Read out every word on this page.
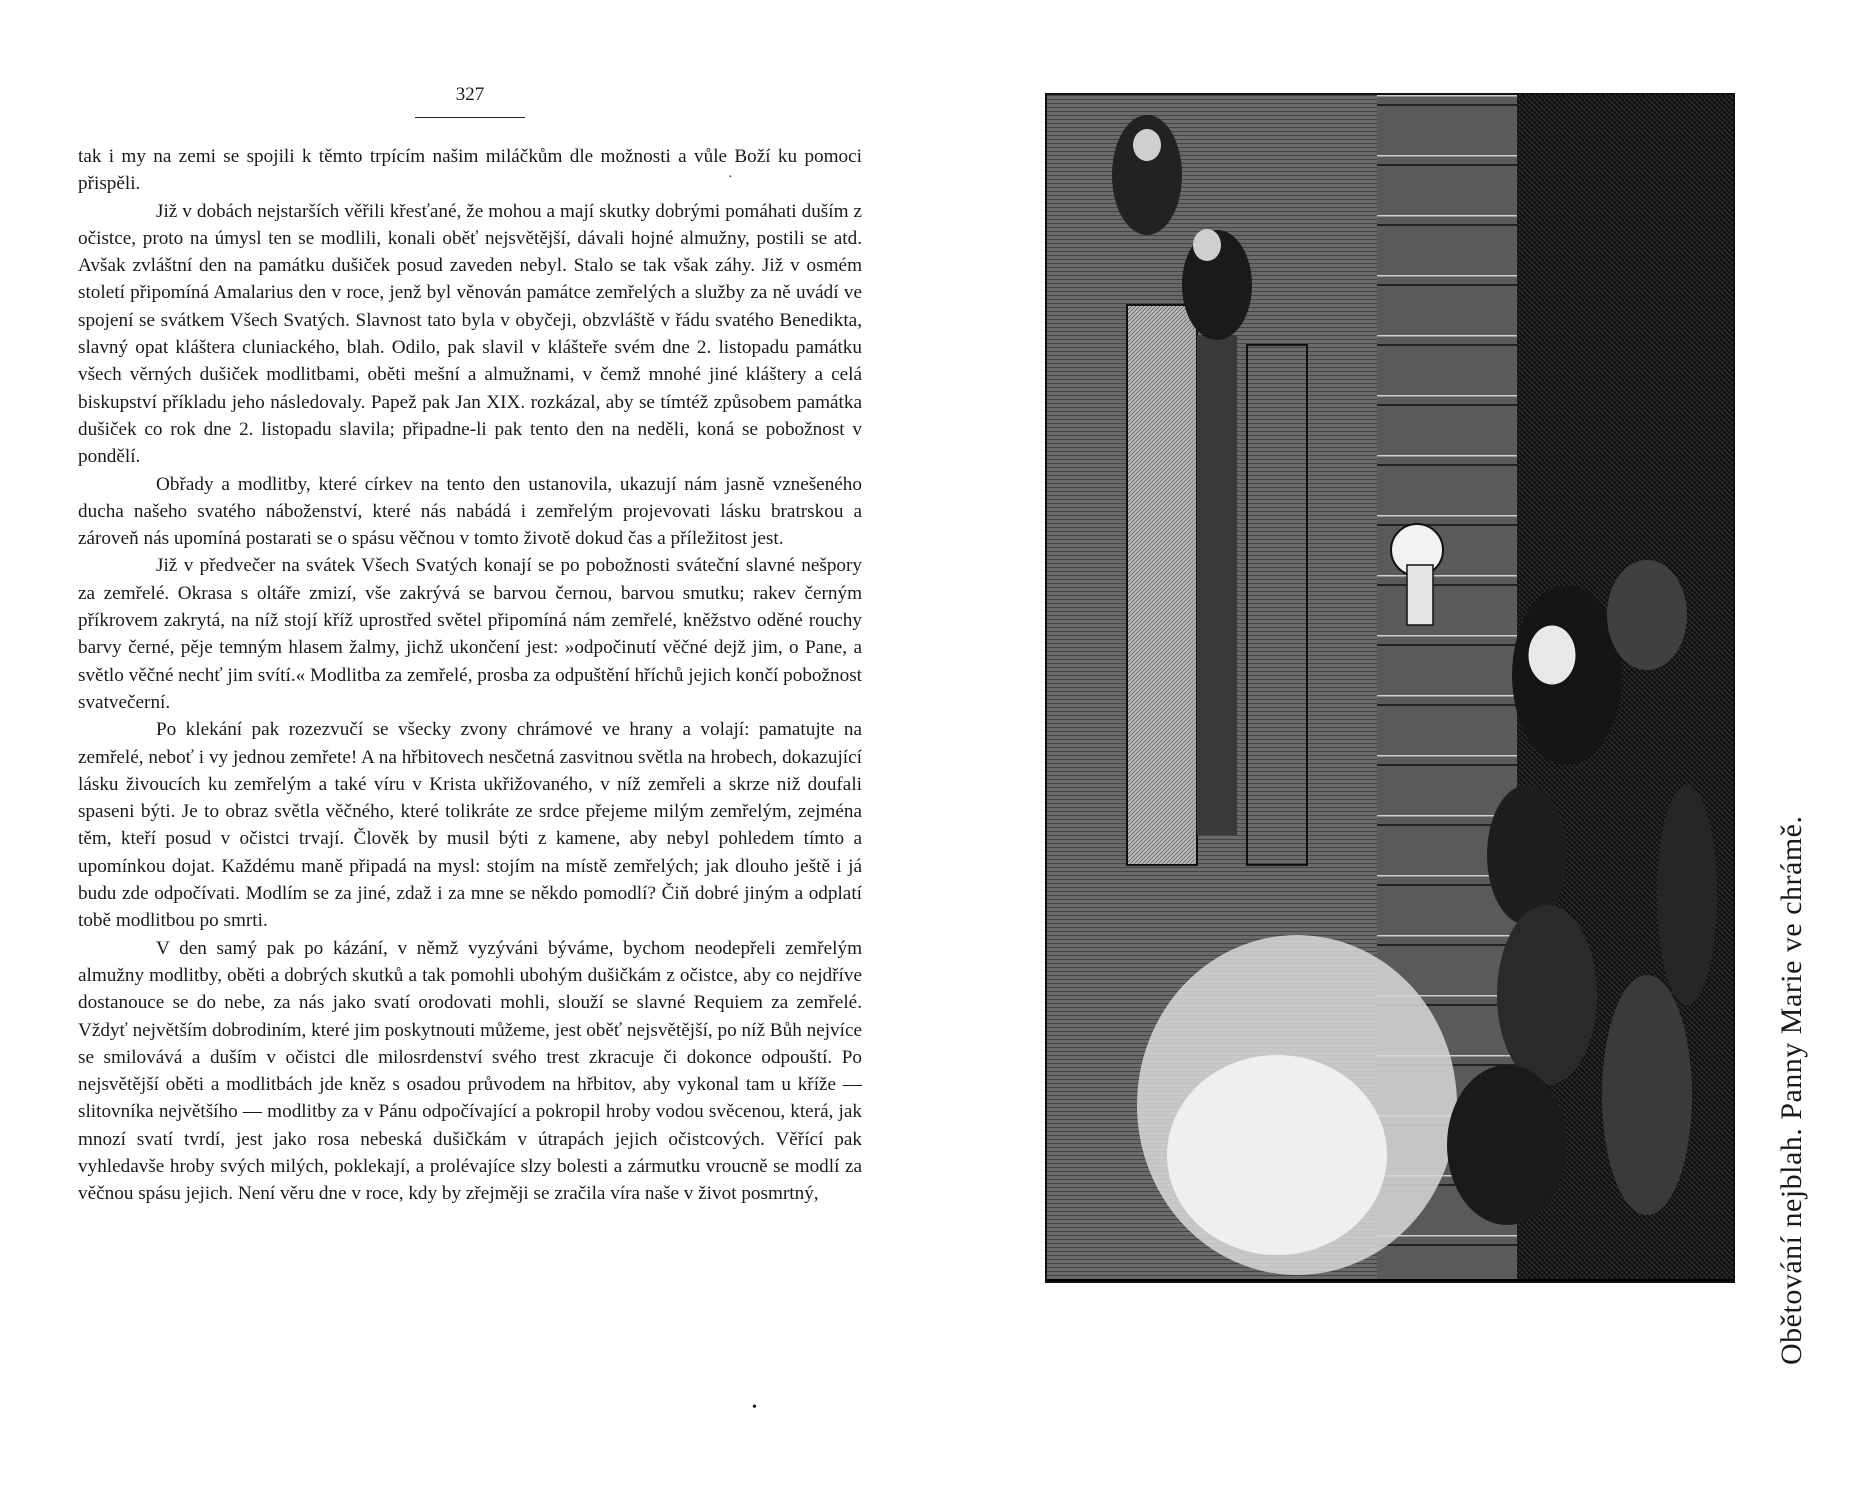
327

tak i my na zemi se spojili k těmto trpícím našim miláčkům dle možnosti a vůle Boží ku pomoci přispěli.

Již v dobách nejstarších věřili křesťané, že mohou a mají skutky dobrými pomáhati duším z očistce, proto na úmysl ten se modlili, konali oběť nejsvětější, dávali hojné almužny, postili se atd. Avšak zvláštní den na památku dušiček posud zaveden nebyl. Stalo se tak však záhy. Již v osmém století připomíná Amalarius den v roce, jenž byl věnován památce zemřelých a služby za ně uvádí ve spojení se svátkem Všech Svatých. Slavnost tato byla v obyčeji, obzvláště v řádu svatého Benedikta, slavný opat kláštera cluniackého, blah. Odilo, pak slavil v klášteře svém dne 2. listopadu památku všech věrných dušiček modlitbami, oběti mešní a almužnami, v čemž mnohé jiné kláštery a celá biskupství příkladu jeho následovaly. Papež pak Jan XIX. rozkázal, aby se tímtéž způsobem památka dušiček co rok dne 2. listopadu slavila; připadne-li pak tento den na neděli, koná se pobožnost v pondělí.

Obřady a modlitby, které církev na tento den ustanovila, ukazují nám jasně vznešeného ducha našeho svatého náboženství, které nás nabádá i zemřelým projevovati lásku bratrskou a zároveň nás upomíná postarati se o spásu věčnou v tomto životě dokud čas a příležitost jest.

Již v předvečer na svátek Všech Svatých konají se po pobožnosti sváteční slavné nešpory za zemřelé. Okrasa s oltáře zmizí, vše zakrývá se barvou černou, barvou smutku; rakev černým příkrovem zakrytá, na níž stojí kříž uprostřed světel připomíná nám zemřelé, kněžstvo oděné rouchy barvy černé, pěje temným hlasem žalmy, jichž ukončení jest: »odpočinutí věčné dejž jim, o Pane, a světlo věčné nechť jim svítí.« Modlitba za zemřelé, prosba za odpuštění hříchů jejich končí pobožnost svatvečerní.

Po klekání pak rozezvučí se všecky zvony chrámové ve hrany a volají: pamatujte na zemřelé, neboť i vy jednou zemřete! A na hřbitovech nesčetná zasvitnou světla na hrobech, dokazující lásku živoucích ku zemřelým a také víru v Krista ukřižovaného, v níž zemřeli a skrze niž doufali spaseni býti. Je to obraz světla věčného, které tolikráte ze srdce přejeme milým zemřelým, zejména těm, kteří posud v očistci trvají. Člověk by musil býti z kamene, aby nebyl pohledem tímto a upomínkou dojat. Každému maně připadá na mysl: stojím na místě zemřelých; jak dlouho ještě i já budu zde odpočívati. Modlím se za jiné, zdaž i za mne se někdo pomodlí? Čiň dobré jiným a odplatí tobě modlitbou po smrti.

V den samý pak po kázání, v němž vyzýváni býváme, bychom neodepřeli zemřelým almužny modlitby, oběti a dobrých skutků a tak pomohli ubohým dušičkám z očistce, aby co nejdříve dostanouce se do nebe, za nás jako svatí orodovati mohli, slouží se slavné Requiem za zemřelé. Vždyť největším dobrodiním, které jim poskytnouti můžeme, jest oběť nejsvětější, po níž Bůh nejvíce se smilovává a duším v očistci dle milosrdenství svého trest zkracuje či dokonce odpouští. Po nejsvětější oběti a modlitbách jde kněz s osadou průvodem na hřbitov, aby vykonal tam u kříže — slitovníka největšího — modlitby za v Pánu odpočívající a pokropil hroby vodou svěcenou, která, jak mnozí svatí tvrdí, jest jako rosa nebeská dušičkám v útrapách jejich očistcových. Věřící pak vyhledavše hroby svých milých, poklekají, a prolévajíce slzy bolesti a zármutku vroucně se modlí za věčnou spásu jejich. Není věru dne v roce, kdy by zřejměji se zračila víra naše v život posmrtný,

·
•
Obětování nejblah. Panny Marie ve chrámě.
